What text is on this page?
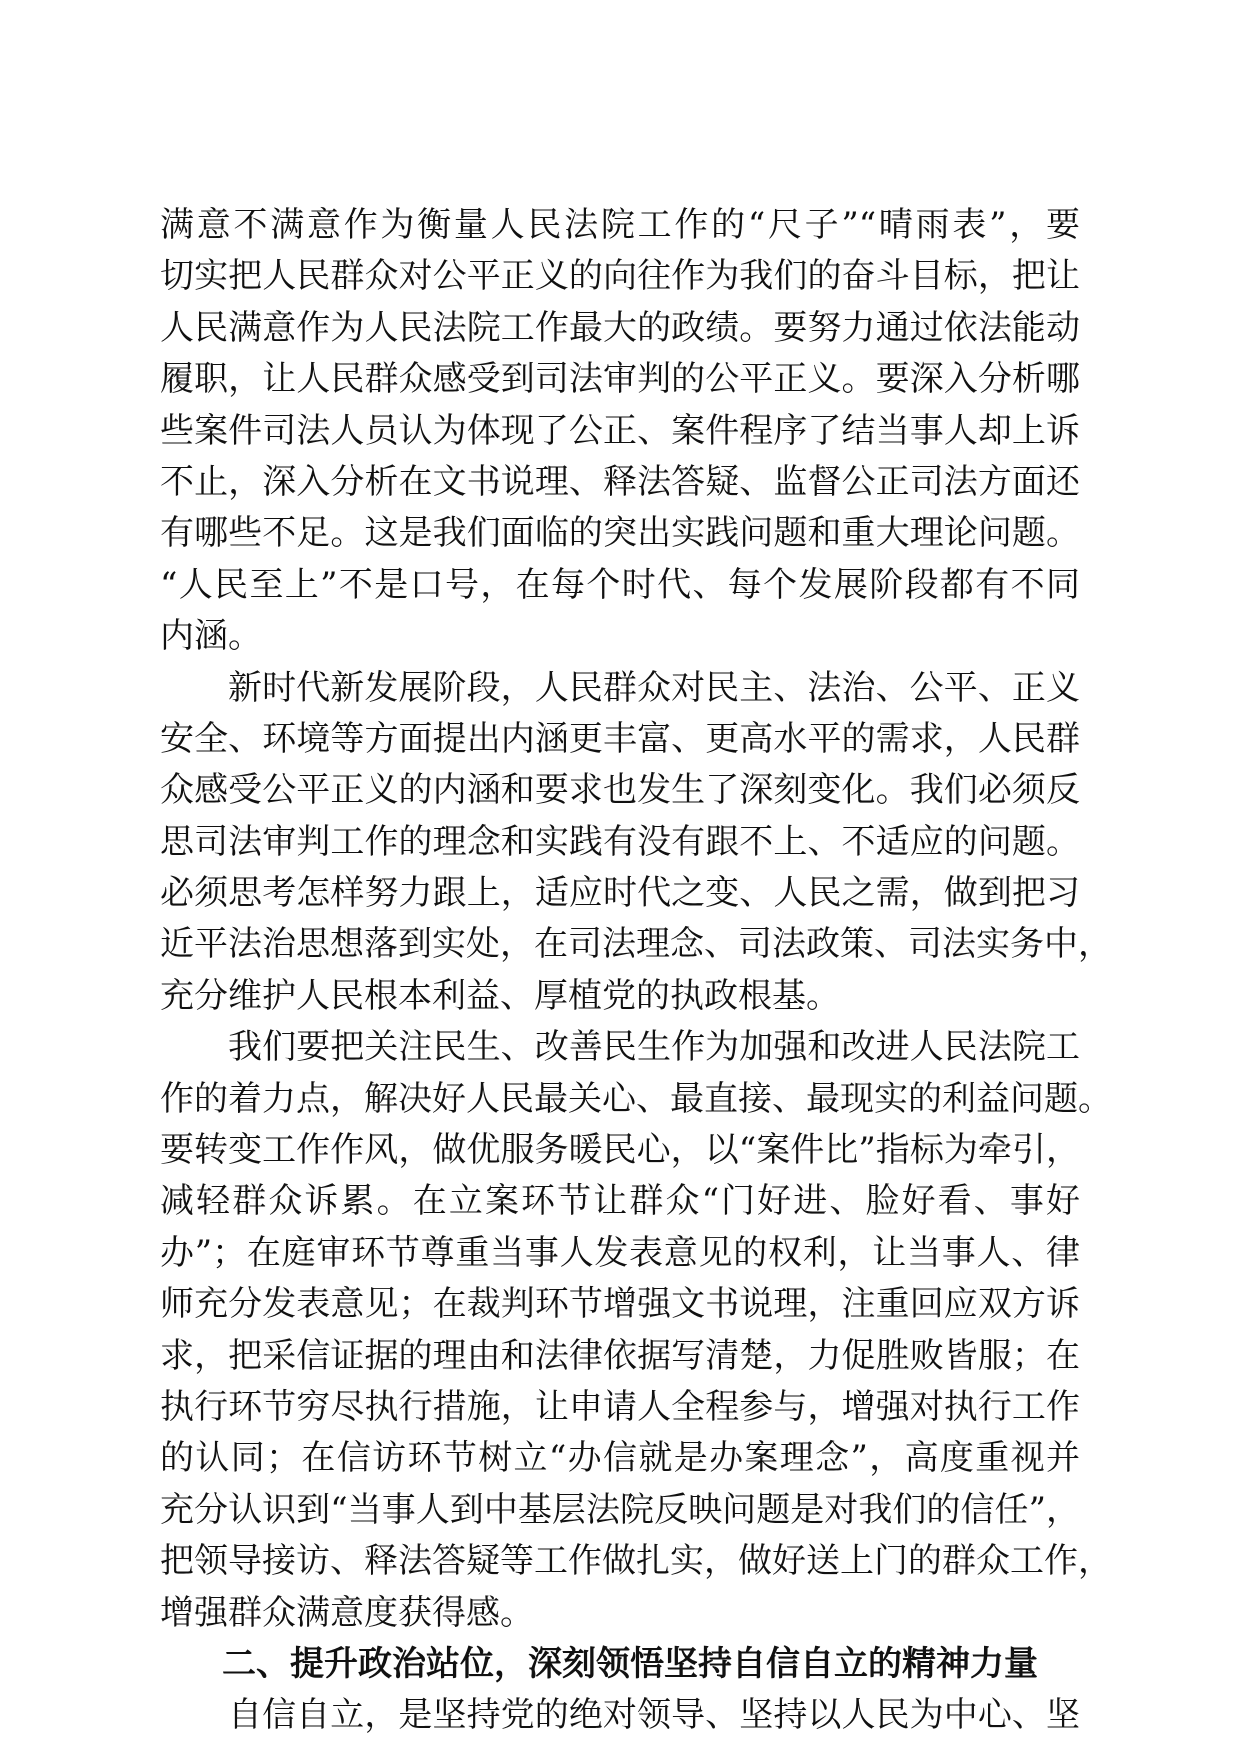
满意不满意作为衡量人民法院工作的“尺子”“晴雨表”，要
切实把人民群众对公平正义的向往作为我们的奋斗目标，把让
人民满意作为人民法院工作最大的政绩。要努力通过依法能动
履职，让人民群众感受到司法审判的公平正义。要深入分析哪
些案件司法人员认为体现了公正、案件程序了结当事人却上诉
不止，深入分析在文书说理、释法答疑、监督公正司法方面还
有哪些不足。这是我们面临的突出实践问题和重大理论问题。
“人民至上”不是口号，在每个时代、每个发展阶段都有不同
内涵。
新时代新发展阶段，人民群众对民主、法治、公平、正义
安全、环境等方面提出内涵更丰富、更高水平的需求，人民群
众感受公平正义的内涵和要求也发生了深刻变化。我们必须反
思司法审判工作的理念和实践有没有跟不上、不适应的问题。
必须思考怎样努力跟上，适应时代之变、人民之需，做到把习
近平法治思想落到实处，在司法理念、司法政策、司法实务中，
充分维护人民根本利益、厚植党的执政根基。
我们要把关注民生、改善民生作为加强和改进人民法院工
作的着力点，解决好人民最关心、最直接、最现实的利益问题。
要转变工作作风，做优服务暖民心，以“案件比”指标为牵引，
减轻群众诉累。在立案环节让群众“门好进、脸好看、事好
办”；在庭审环节尊重当事人发表意见的权利，让当事人、律
师充分发表意见；在裁判环节增强文书说理，注重回应双方诉
求，把采信证据的理由和法律依据写清楚，力促胜败皆服；在
执行环节穷尽执行措施，让申请人全程参与，增强对执行工作
的认同；在信访环节树立“办信就是办案理念”，高度重视并
充分认识到“当事人到中基层法院反映问题是对我们的信任”，
把领导接访、释法答疑等工作做扎实，做好送上门的群众工作，
增强群众满意度获得感。
二、提升政治站位，深刻领悟坚持自信自立的精神力量
自信自立，是坚持党的绝对领导、坚持以人民为中心、坚
